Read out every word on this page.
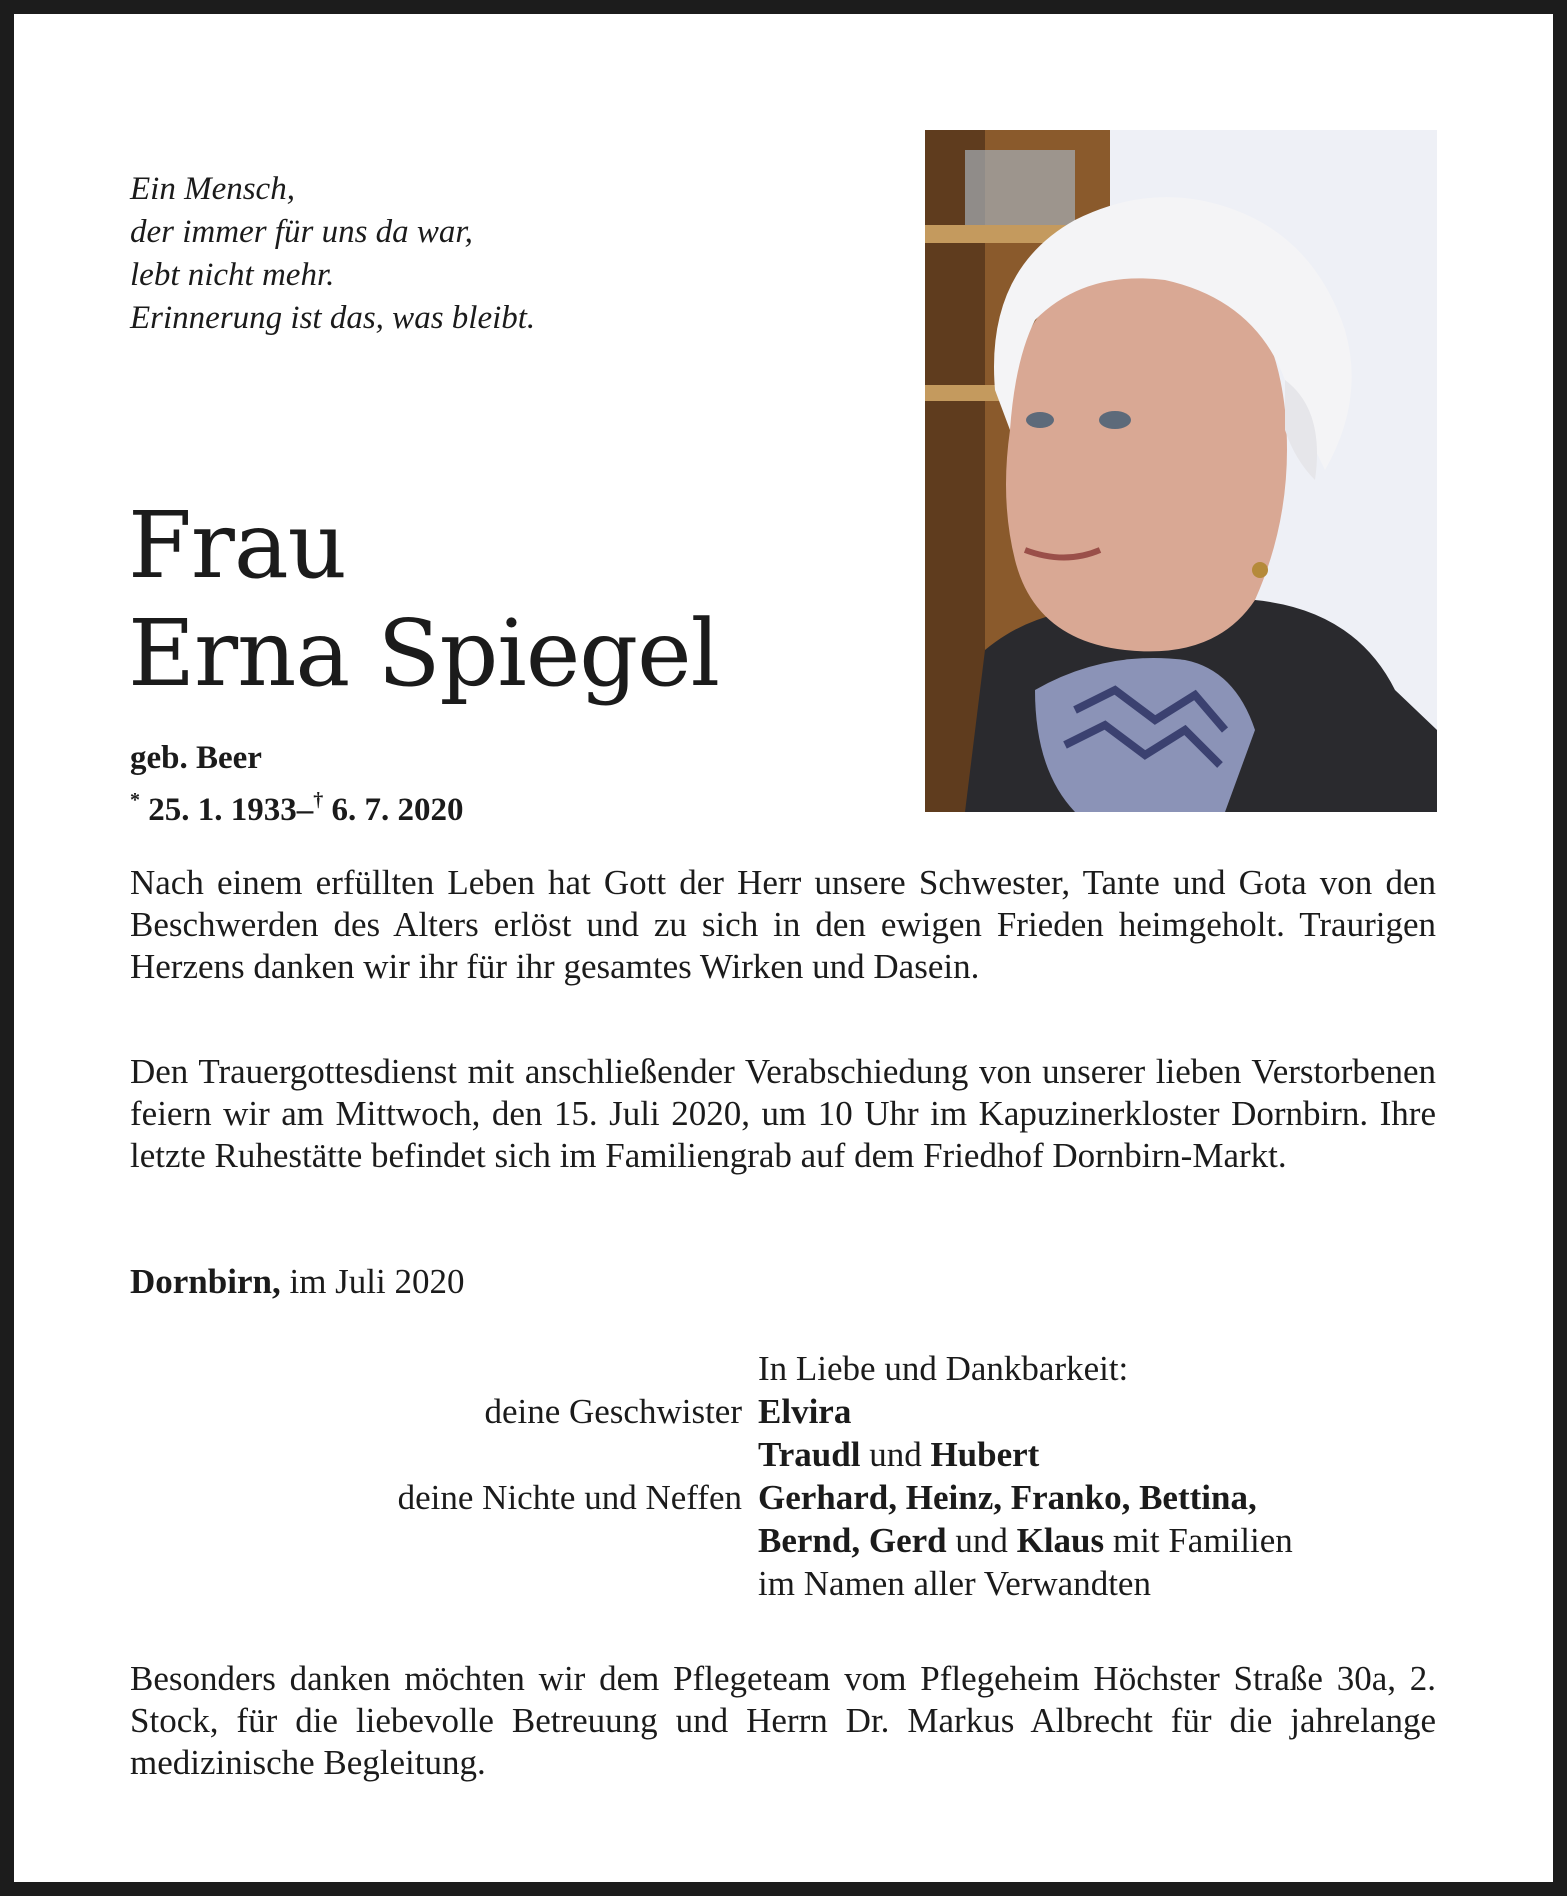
Ein Mensch,
der immer für uns da war,
lebt nicht mehr.
Erinnerung ist das, was bleibt.
Frau
Erna Spiegel
geb. Beer
* 25. 1. 1933–† 6. 7. 2020
Nach einem erfüllten Leben hat Gott der Herr unsere Schwester, Tante und Gota von den Beschwerden des Alters erlöst und zu sich in den ewigen Frieden heimgeholt. Traurigen Herzens danken wir ihr für ihr gesamtes Wirken und Dasein.
Den Trauergottesdienst mit anschließender Verabschiedung von unserer lieben Verstorbenen feiern wir am Mittwoch, den 15. Juli 2020, um 10 Uhr im Kapuzinerkloster Dornbirn. Ihre letzte Ruhestätte befindet sich im Familiengrab auf dem Friedhof Dornbirn-Markt.
Dornbirn, im Juli 2020
In Liebe und Dankbarkeit:
deine Geschwister Elvira
Traudl und Hubert
deine Nichte und Neffen Gerhard, Heinz, Franko, Bettina,
Bernd, Gerd und Klaus mit Familien
im Namen aller Verwandten
Besonders danken möchten wir dem Pflegeteam vom Pflegeheim Höchster Straße 30a, 2. Stock, für die liebevolle Betreuung und Herrn Dr. Markus Albrecht für die jahrelange medizinische Begleitung.
